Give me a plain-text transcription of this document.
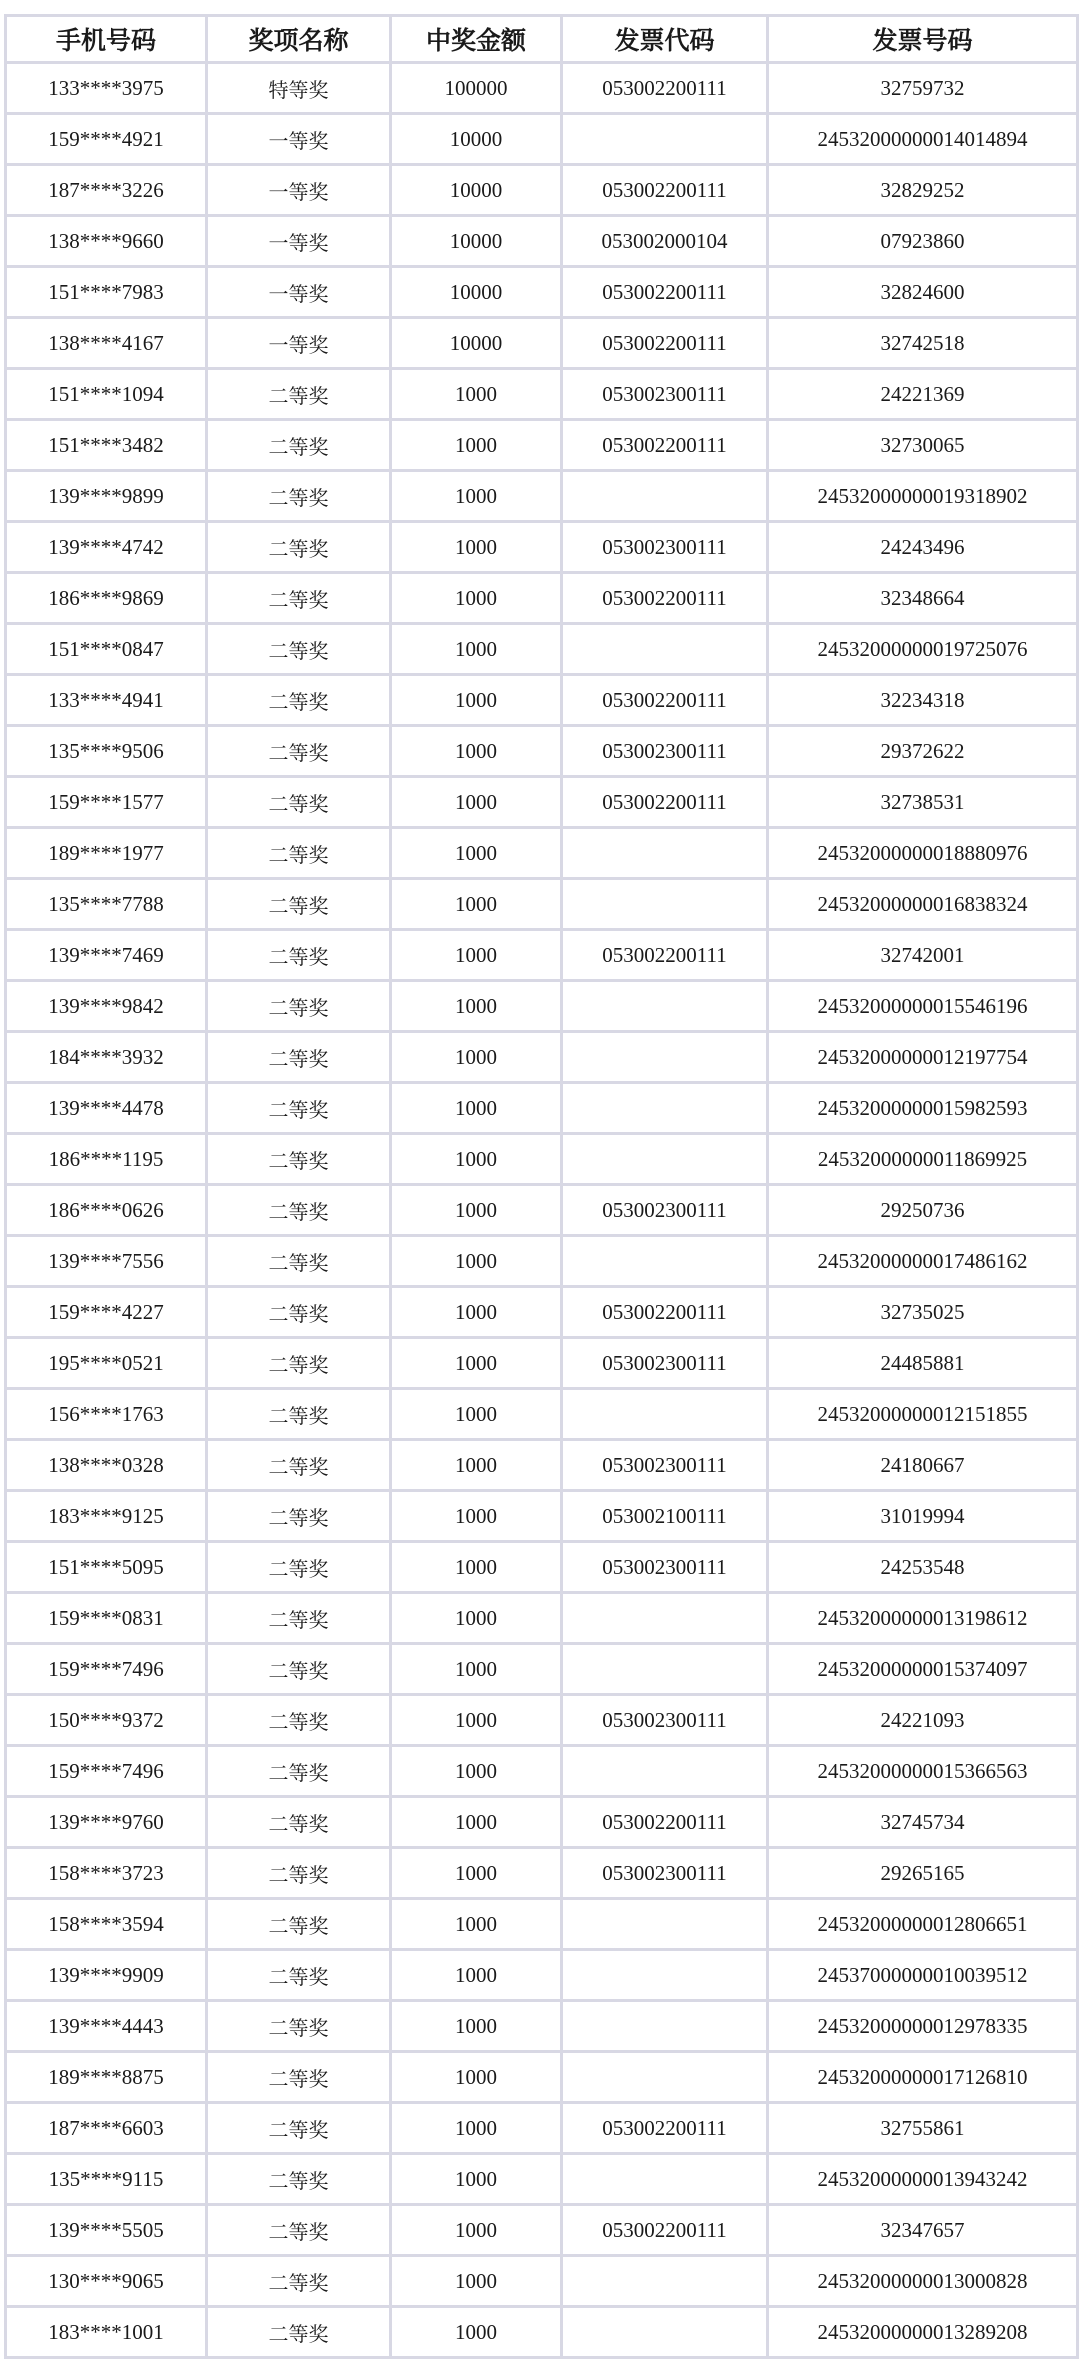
手机号码	奖项名称	中奖金额	发票代码	发票号码
133****3975	特等奖	100000	053002200111	32759732
159****4921	一等奖	10000		24532000000014014894
187****3226	一等奖	10000	053002200111	32829252
138****9660	一等奖	10000	053002000104	07923860
151****7983	一等奖	10000	053002200111	32824600
138****4167	一等奖	10000	053002200111	32742518
151****1094	二等奖	1000	053002300111	24221369
151****3482	二等奖	1000	053002200111	32730065
139****9899	二等奖	1000		24532000000019318902
139****4742	二等奖	1000	053002300111	24243496
186****9869	二等奖	1000	053002200111	32348664
151****0847	二等奖	1000		24532000000019725076
133****4941	二等奖	1000	053002200111	32234318
135****9506	二等奖	1000	053002300111	29372622
159****1577	二等奖	1000	053002200111	32738531
189****1977	二等奖	1000		24532000000018880976
135****7788	二等奖	1000		24532000000016838324
139****7469	二等奖	1000	053002200111	32742001
139****9842	二等奖	1000		24532000000015546196
184****3932	二等奖	1000		24532000000012197754
139****4478	二等奖	1000		24532000000015982593
186****1195	二等奖	1000		24532000000011869925
186****0626	二等奖	1000	053002300111	29250736
139****7556	二等奖	1000		24532000000017486162
159****4227	二等奖	1000	053002200111	32735025
195****0521	二等奖	1000	053002300111	24485881
156****1763	二等奖	1000		24532000000012151855
138****0328	二等奖	1000	053002300111	24180667
183****9125	二等奖	1000	053002100111	31019994
151****5095	二等奖	1000	053002300111	24253548
159****0831	二等奖	1000		24532000000013198612
159****7496	二等奖	1000		24532000000015374097
150****9372	二等奖	1000	053002300111	24221093
159****7496	二等奖	1000		24532000000015366563
139****9760	二等奖	1000	053002200111	32745734
158****3723	二等奖	1000	053002300111	29265165
158****3594	二等奖	1000		24532000000012806651
139****9909	二等奖	1000		24537000000010039512
139****4443	二等奖	1000		24532000000012978335
189****8875	二等奖	1000		24532000000017126810
187****6603	二等奖	1000	053002200111	32755861
135****9115	二等奖	1000		24532000000013943242
139****5505	二等奖	1000	053002200111	32347657
130****9065	二等奖	1000		24532000000013000828
183****1001	二等奖	1000		24532000000013289208
